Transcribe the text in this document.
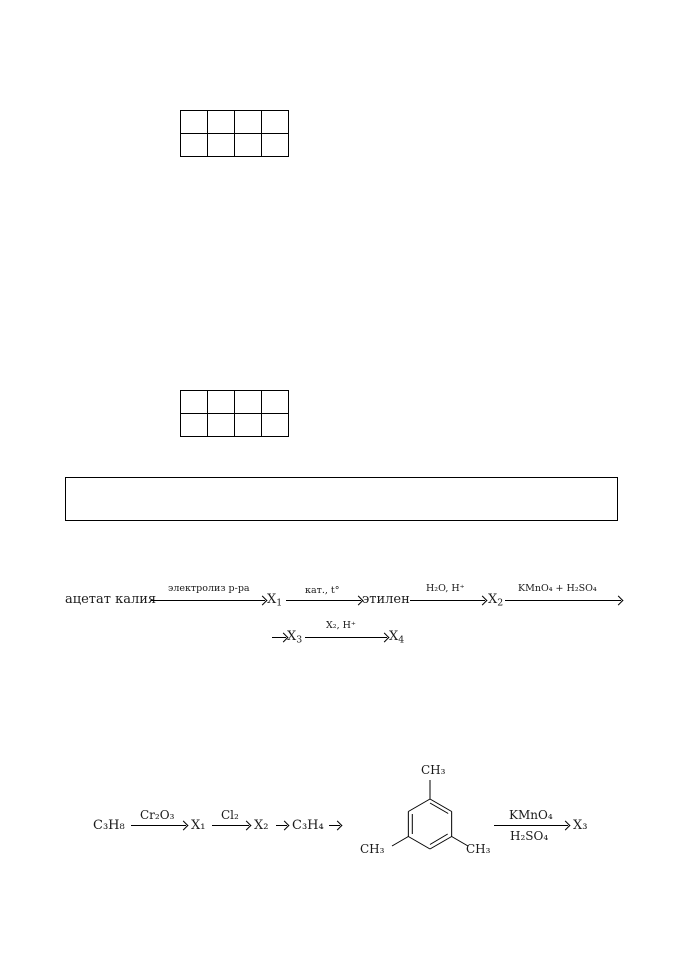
ацетат калия
электролиз р-ра
$X_1$
кат., t°
этилен
H₂O, H⁺
$X_2$
KMnO₄ + H₂SO₄
$X_3$
X₂, H⁺
$X_4$
C₃H₈
Cr₂O₃
X₁
Cl₂
X₂ C₃H₄
CH₃
CH₃	CH₃
KMnO₄
H₂SO₄
X₃
